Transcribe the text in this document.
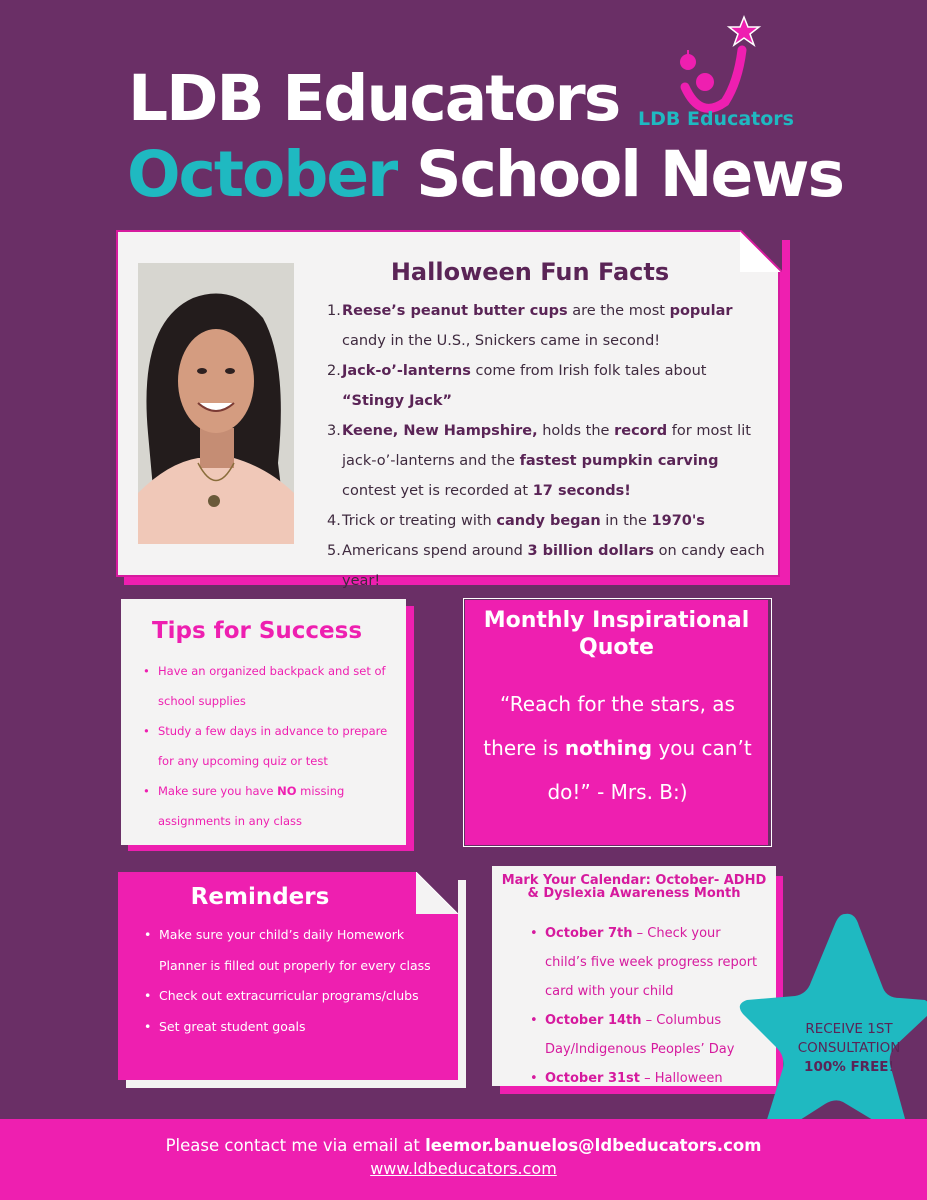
LDB Educators
October School News
LDB Educators
Halloween Fun Facts
1. Reese’s peanut butter cups are the most popular candy in the U.S., Snickers came in second!
2. Jack-o’-lanterns come from Irish folk tales about “Stingy Jack”
3. Keene, New Hampshire, holds the record for most lit jack-o’-lanterns and the fastest pumpkin carving contest yet is recorded at 17 seconds!
4. Trick or treating with candy began in the 1970's
5. Americans spend around 3 billion dollars on candy each year!
Tips for Success
• Have an organized backpack and set of school supplies
• Study a few days in advance to prepare for any upcoming quiz or test
• Make sure you have NO missing assignments in any class
Monthly Inspirational Quote
“Reach for the stars, as there is nothing you can’t do!” - Mrs. B:)
Reminders
• Make sure your child’s daily Homework Planner is filled out properly for every class
• Check out extracurricular programs/clubs
• Set great student goals
Mark Your Calendar: October- ADHD & Dyslexia Awareness Month
• October 7th – Check your child’s five week progress report card with your child
• October 14th – Columbus Day/Indigenous Peoples’ Day
• October 31st – Halloween
RECEIVE 1ST
CONSULTATION
100% FREE!
Please contact me via email at leemor.banuelos@ldbeducators.com
www.ldbeducators.com
